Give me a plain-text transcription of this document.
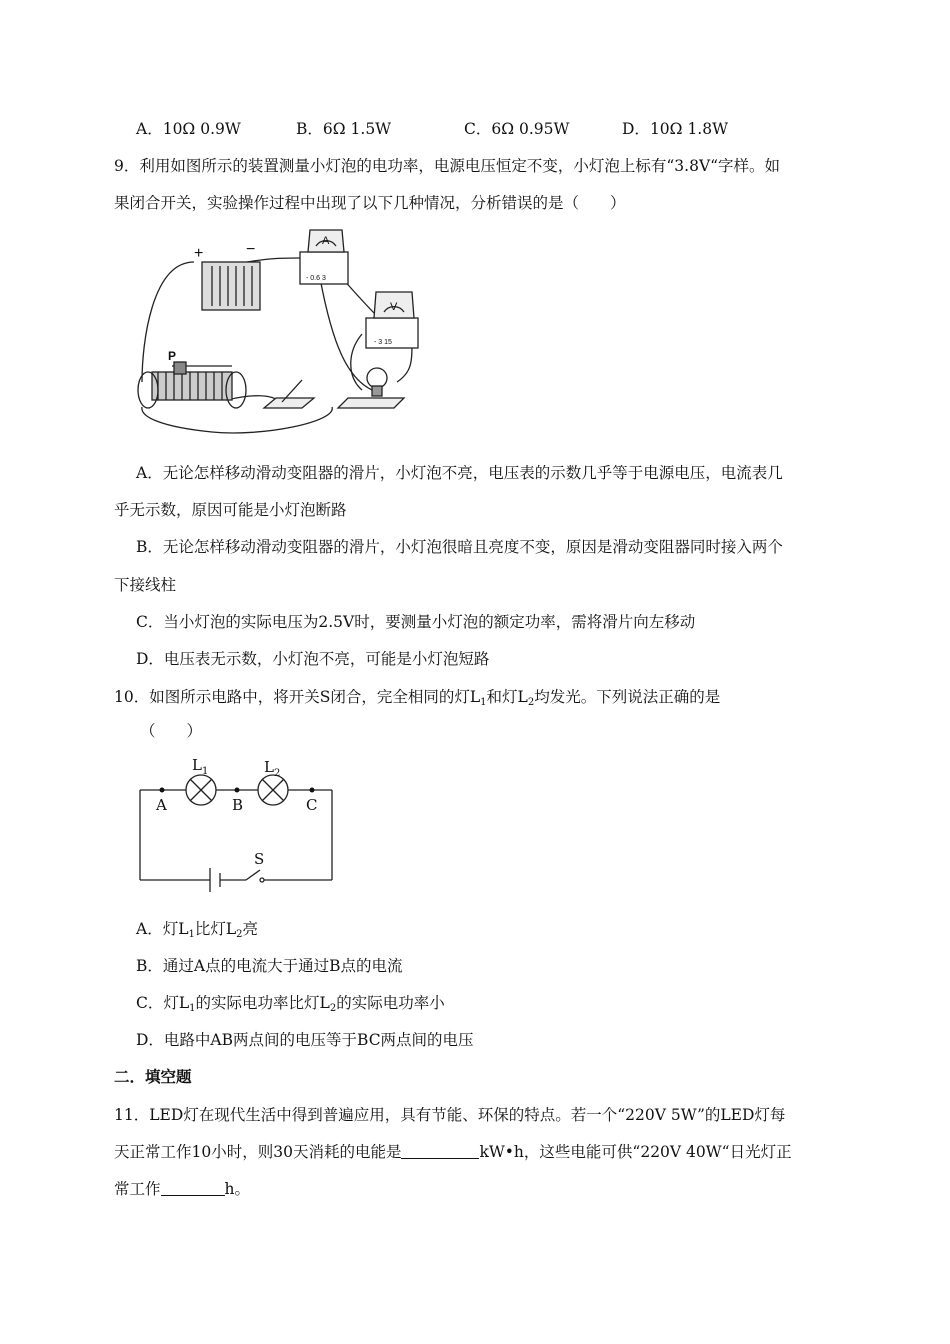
A．10Ω 0.9W	B．6Ω 1.5W	C．6Ω 0.95W	D．10Ω 1.8W
9．利用如图所示的装置测量小灯泡的电功率，电源电压恒定不变，小灯泡上标有“3.8V“字样。如
果闭合开关，实验操作过程中出现了以下几种情况，分析错误的是（　　）
+	−
P
A
V
- 0.6 3
- 3 15
A．无论怎样移动滑动变阻器的滑片，小灯泡不亮，电压表的示数几乎等于电源电压，电流表几
乎无示数，原因可能是小灯泡断路
B．无论怎样移动滑动变阻器的滑片，小灯泡很暗且亮度不变，原因是滑动变阻器同时接入两个
下接线柱
C．当小灯泡的实际电压为2.5V时，要测量小灯泡的额定功率，需将滑片向左移动
D．电压表无示数，小灯泡不亮，可能是小灯泡短路
10．如图所示电路中，将开关S闭合，完全相同的灯$L_1$和灯$L_2$均发光。下列说法正确的是
（　　）
$L_1$	$L_2$
A	B	C
S
A．灯$L_1$比灯$L_2$亮
B．通过A点的电流大于通过B点的电流
C．灯$L_1$的实际电功率比灯$L_2$的实际电功率小
D．电路中AB两点间的电压等于BC两点间的电压
二．填空题
11．LED灯在现代生活中得到普遍应用，具有节能、环保的特点。若一个“220V 5W”的LED灯每
天正常工作10小时，则30天消耗的电能是	kW•h，这些电能可供“220V 40W“日光灯正
常工作	h。
